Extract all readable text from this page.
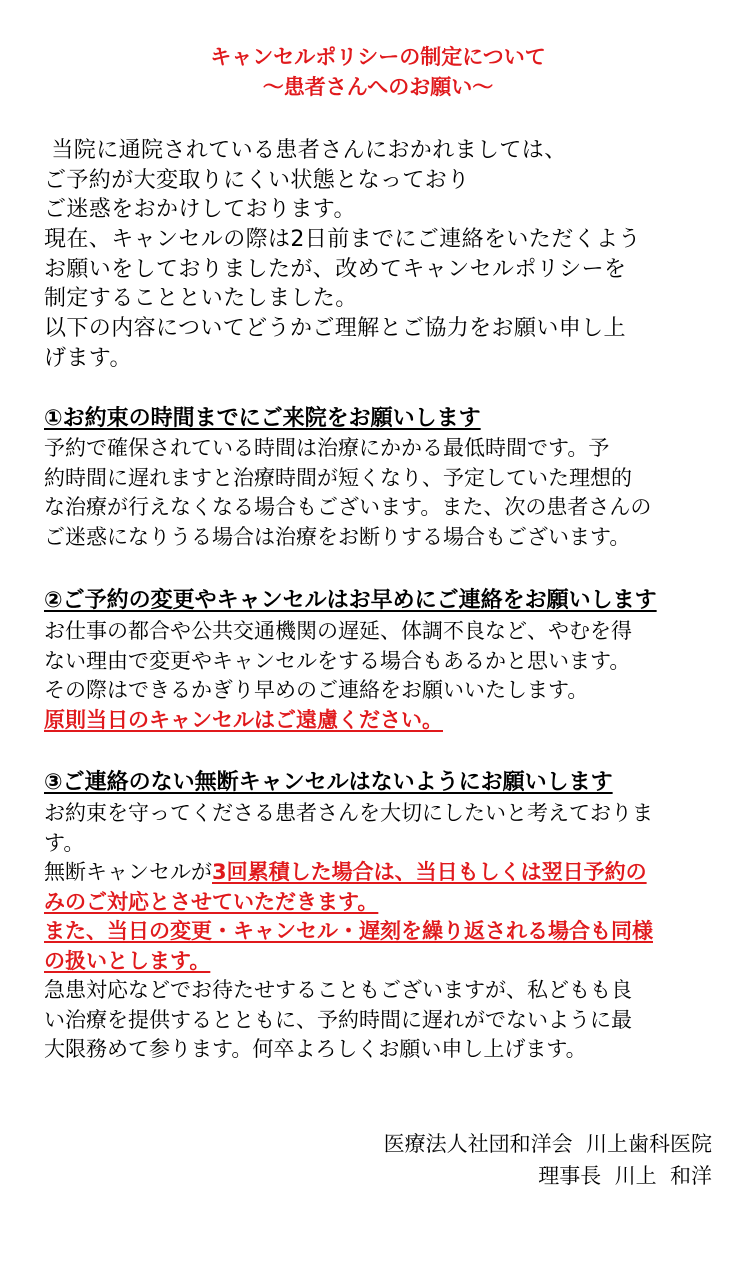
キャンセルポリシーの制定について
〜患者さんへのお願い〜
当院に通院されている患者さんにおかれましては、
ご予約が大変取りにくい状態となっており
ご迷惑をおかけしております。
現在、キャンセルの際は2日前までにご連絡をいただくよう
お願いをしておりましたが、改めてキャンセルポリシーを
制定することといたしました。
以下の内容についてどうかご理解とご協力をお願い申し上
げます。
①お約束の時間までにご来院をお願いします
予約で確保されている時間は治療にかかる最低時間です。予
約時間に遅れますと治療時間が短くなり、予定していた理想的
な治療が行えなくなる場合もございます。また、次の患者さんの
ご迷惑になりうる場合は治療をお断りする場合もございます。
②ご予約の変更やキャンセルはお早めにご連絡をお願いします
お仕事の都合や公共交通機関の遅延、体調不良など、やむを得
ない理由で変更やキャンセルをする場合もあるかと思います。
その際はできるかぎり早めのご連絡をお願いいたします。
原則当日のキャンセルはご遠慮ください。
③ご連絡のない無断キャンセルはないようにお願いします
お約束を守ってくださる患者さんを大切にしたいと考えておりま
す。
無断キャンセルが3回累積した場合は、当日もしくは翌日予約の
みのご対応とさせていただきます。
また、当日の変更・キャンセル・遅刻を繰り返される場合も同様
の扱いとします。
急患対応などでお待たせすることもございますが、私どもも良
い治療を提供するとともに、予約時間に遅れがでないように最
大限務めて参ります。何卒よろしくお願い申し上げます。
医療法人社団和洋会  川上歯科医院
理事長  川上  和洋
